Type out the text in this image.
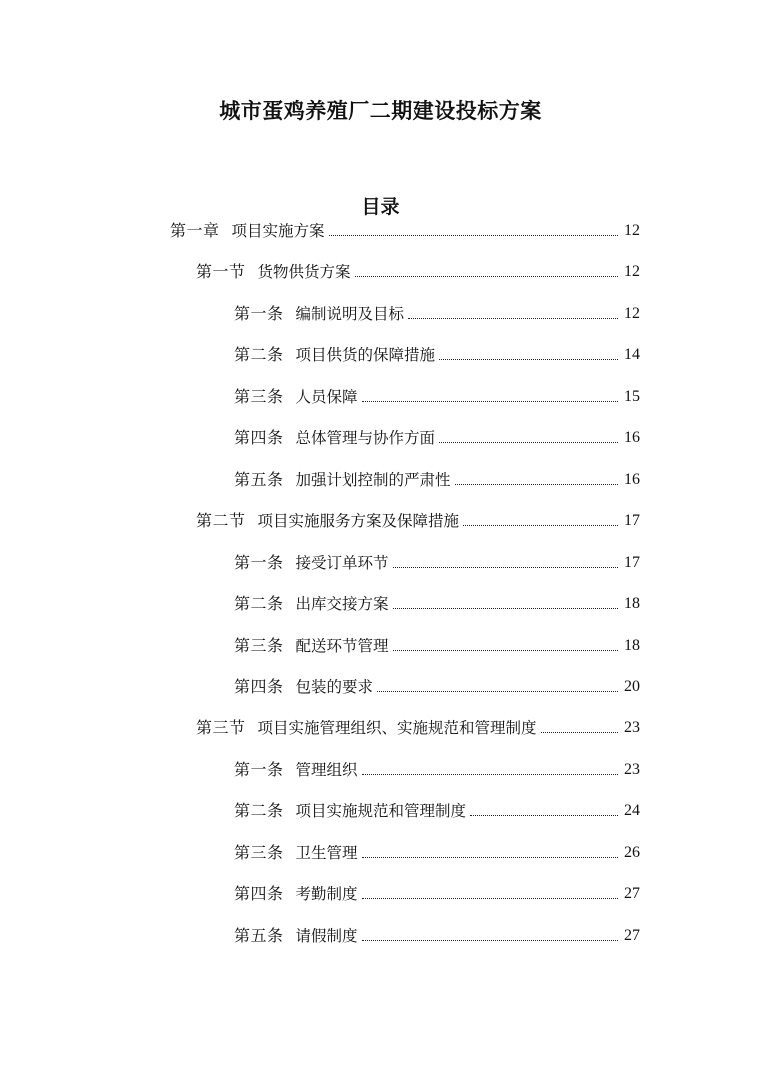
城市蛋鸡养殖厂二期建设投标方案
目录
第一章 项目实施方案	12
第一节 货物供货方案	12
第一条 编制说明及目标	12
第二条 项目供货的保障措施	14
第三条 人员保障	15
第四条 总体管理与协作方面	16
第五条 加强计划控制的严肃性	16
第二节 项目实施服务方案及保障措施	17
第一条 接受订单环节	17
第二条 出库交接方案	18
第三条 配送环节管理	18
第四条 包装的要求	20
第三节 项目实施管理组织、实施规范和管理制度	23
第一条 管理组织	23
第二条 项目实施规范和管理制度	24
第三条 卫生管理	26
第四条 考勤制度	27
第五条 请假制度	27
